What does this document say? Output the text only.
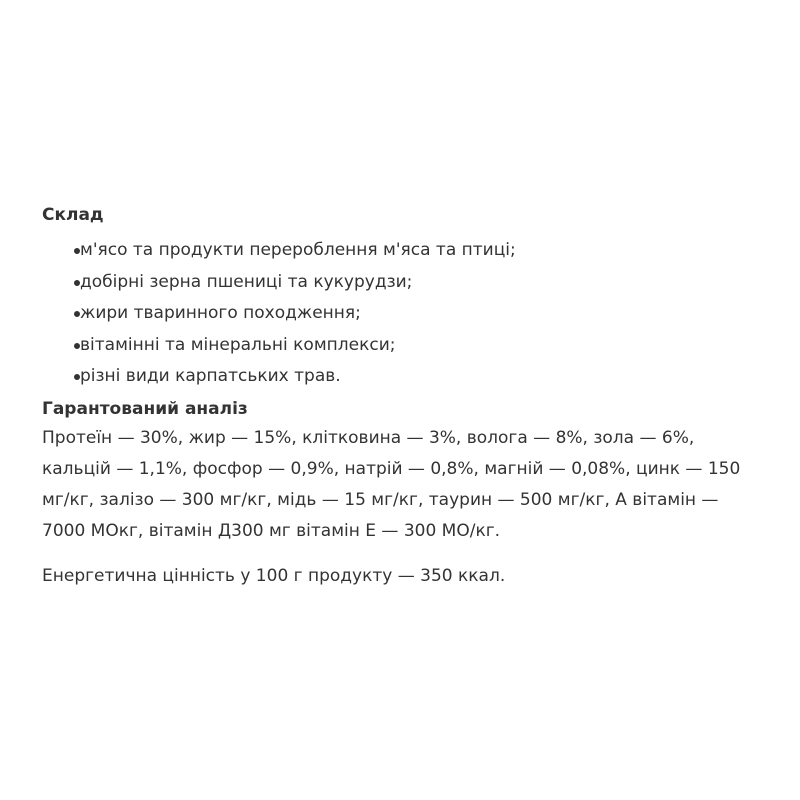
Склад

м'ясо та продукти перероблення м'яса та птиці;
добірні зерна пшениці та кукурудзи;
жири тваринного походження;
вітамінні та мінеральні комплекси;
різні види карпатських трав.

Гарантований аналіз

Протеїн — 30%, жир — 15%, клітковина — 3%, волога — 8%, зола — 6%, кальцій — 1,1%, фосфор — 0,9%, натрій — 0,8%, магній — 0,08%, цинк — 150 мг/кг, залізо — 300 мг/кг, мідь — 15 мг/кг, таурин — 500 мг/кг, А вітамін — 7000 МОкг, вітамін Д300 мг вітамін Е — 300 МО/кг.

Енергетична цінність у 100 г продукту — 350 ккал.
